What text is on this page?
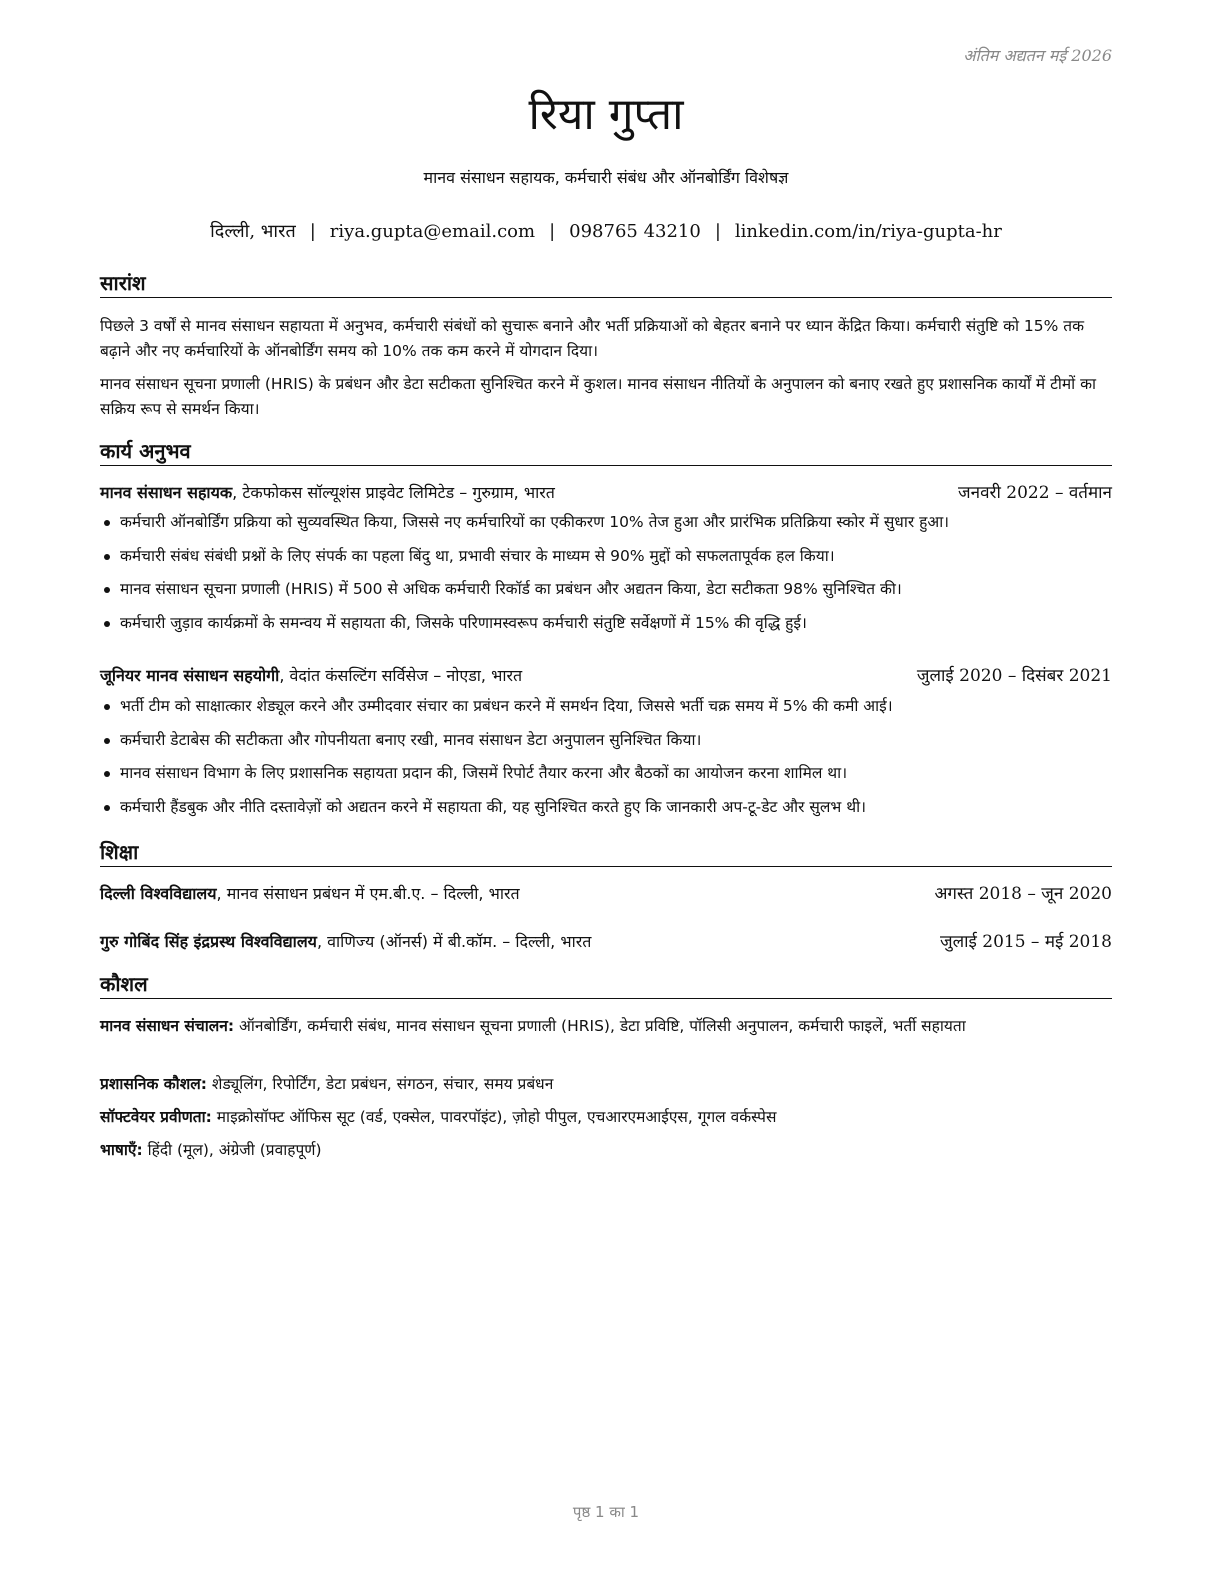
अंतिम अद्यतन मई 2026
रिया गुप्ता
मानव संसाधन सहायक, कर्मचारी संबंध और ऑनबोर्डिंग विशेषज्ञ
दिल्ली, भारत | riya.gupta@email.com | 098765 43210 | linkedin.com/in/riya-gupta-hr
सारांश
पिछले 3 वर्षों से मानव संसाधन सहायता में अनुभव, कर्मचारी संबंधों को सुचारू बनाने और भर्ती प्रक्रियाओं को बेहतर बनाने पर ध्यान केंद्रित किया। कर्मचारी संतुष्टि को 15% तक बढ़ाने और नए कर्मचारियों के ऑनबोर्डिंग समय को 10% तक कम करने में योगदान दिया।
मानव संसाधन सूचना प्रणाली (HRIS) के प्रबंधन और डेटा सटीकता सुनिश्चित करने में कुशल। मानव संसाधन नीतियों के अनुपालन को बनाए रखते हुए प्रशासनिक कार्यों में टीमों का सक्रिय रूप से समर्थन किया।
कार्य अनुभव
मानव संसाधन सहायक, टेकफोकस सॉल्यूशंस प्राइवेट लिमिटेड – गुरुग्राम, भारत	जनवरी 2022 – वर्तमान
कर्मचारी ऑनबोर्डिंग प्रक्रिया को सुव्यवस्थित किया, जिससे नए कर्मचारियों का एकीकरण 10% तेज हुआ और प्रारंभिक प्रतिक्रिया स्कोर में सुधार हुआ।
कर्मचारी संबंध संबंधी प्रश्नों के लिए संपर्क का पहला बिंदु था, प्रभावी संचार के माध्यम से 90% मुद्दों को सफलतापूर्वक हल किया।
मानव संसाधन सूचना प्रणाली (HRIS) में 500 से अधिक कर्मचारी रिकॉर्ड का प्रबंधन और अद्यतन किया, डेटा सटीकता 98% सुनिश्चित की।
कर्मचारी जुड़ाव कार्यक्रमों के समन्वय में सहायता की, जिसके परिणामस्वरूप कर्मचारी संतुष्टि सर्वेक्षणों में 15% की वृद्धि हुई।
जूनियर मानव संसाधन सहयोगी, वेदांत कंसल्टिंग सर्विसेज – नोएडा, भारत	जुलाई 2020 – दिसंबर 2021
भर्ती टीम को साक्षात्कार शेड्यूल करने और उम्मीदवार संचार का प्रबंधन करने में समर्थन दिया, जिससे भर्ती चक्र समय में 5% की कमी आई।
कर्मचारी डेटाबेस की सटीकता और गोपनीयता बनाए रखी, मानव संसाधन डेटा अनुपालन सुनिश्चित किया।
मानव संसाधन विभाग के लिए प्रशासनिक सहायता प्रदान की, जिसमें रिपोर्ट तैयार करना और बैठकों का आयोजन करना शामिल था।
कर्मचारी हैंडबुक और नीति दस्तावेज़ों को अद्यतन करने में सहायता की, यह सुनिश्चित करते हुए कि जानकारी अप-टू-डेट और सुलभ थी।
शिक्षा
दिल्ली विश्वविद्यालय, मानव संसाधन प्रबंधन में एम.बी.ए. – दिल्ली, भारत	अगस्त 2018 – जून 2020
गुरु गोबिंद सिंह इंद्रप्रस्थ विश्वविद्यालय, वाणिज्य (ऑनर्स) में बी.कॉम. – दिल्ली, भारत	जुलाई 2015 – मई 2018
कौशल
मानव संसाधन संचालन: ऑनबोर्डिंग, कर्मचारी संबंध, मानव संसाधन सूचना प्रणाली (HRIS), डेटा प्रविष्टि, पॉलिसी अनुपालन, कर्मचारी फाइलें, भर्ती सहायता
प्रशासनिक कौशल: शेड्यूलिंग, रिपोर्टिंग, डेटा प्रबंधन, संगठन, संचार, समय प्रबंधन
सॉफ्टवेयर प्रवीणता: माइक्रोसॉफ्ट ऑफिस सूट (वर्ड, एक्सेल, पावरपॉइंट), ज़ोहो पीपुल, एचआरएमआईएस, गूगल वर्कस्पेस
भाषाएँ: हिंदी (मूल), अंग्रेजी (प्रवाहपूर्ण)
पृष्ठ 1 का 1
